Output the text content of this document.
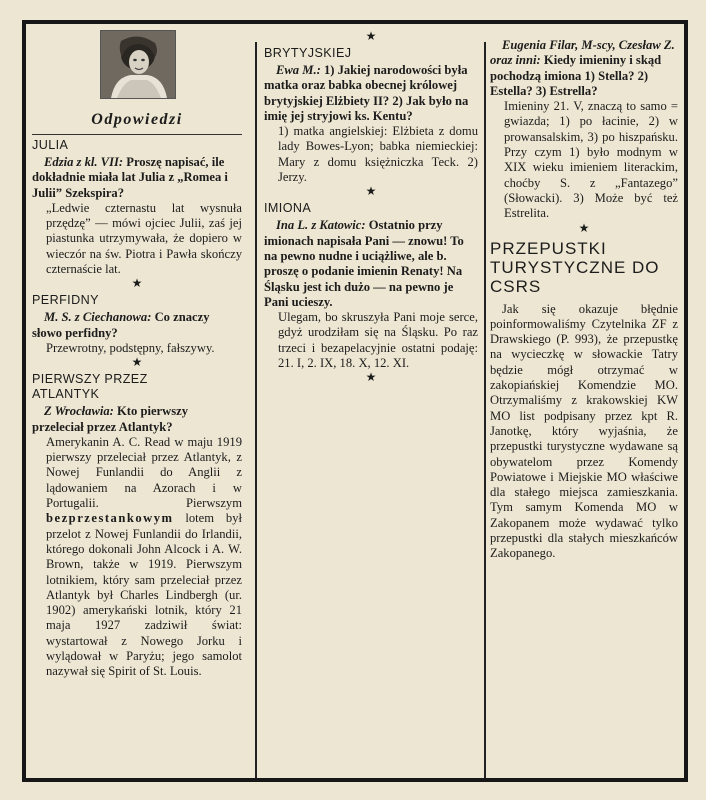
Odpowiedzi
JULIA

Edzia z kl. VII: Proszę napisać, ile dokładnie miała lat Julia z „Romea i Julii” Szekspira?

„Ledwie czternastu lat wysnuła przędzę” — mówi ojciec Julii, zaś jej piastunka utrzymywała, że dopiero w wieczór na św. Piotra i Pawła skończy czternaście lat.

★

PERFIDNY

M. S. z Ciechanowa: Co znaczy słowo perfidny?

Przewrotny, podstępny, fałszywy.

★

PIERWSZY PRZEZ ATLANTYK

Z Wrocławia: Kto pierwszy przeleciał przez Atlantyk?

Amerykanin A. C. Read w maju 1919 pierwszy przeleciał przez Atlantyk, z Nowej Funlandii do Anglii z lądowaniem na Azorach i w Portugalii. Pierwszym bezprzestankowym lotem był przelot z Nowej Funlandii do Irlandii, którego dokonali John Alcock i A. W. Brown, także w 1919. Pierwszym lotnikiem, który sam przeleciał przez Atlantyk był Charles Lindbergh (ur. 1902) amerykański lotnik, który 21 maja 1927 zadziwił świat: wystartował z Nowego Jorku i wylądował w Paryżu; jego samolot nazywał się Spirit of St. Louis.

★

BRYTYJSKIEJ

Ewa M.: 1) Jakiej narodowości była matka oraz babka obecnej królowej brytyjskiej Elżbiety II? 2) Jak było na imię jej stryjowi ks. Kentu?

1) matka angielskiej: Elżbieta z domu lady Bowes-Lyon; babka niemieckiej: Mary z domu księżniczka Teck. 2) Jerzy.

★

IMIONA

Ina L. z Katowic: Ostatnio przy imionach napisała Pani — znowu! To na pewno nudne i uciążliwe, ale b. proszę o podanie imienin Renaty! Na Śląsku jest ich dużo — na pewno je Pani ucieszy.

Ulegam, bo skruszyła Pani moje serce, gdyż urodziłam się na Śląsku. Po raz trzeci i bezapelacyjnie ostatni podaję: 21. I, 2. IX, 18. X, 12. XI.

★

Eugenia Filar, M-scy, Czesław Z. oraz inni: Kiedy imieniny i skąd pochodzą imiona 1) Stella? 2) Estella? 3) Estrella?

Imieniny 21. V, znaczą to samo = gwiazda; 1) po łacinie, 2) w prowansalskim, 3) po hiszpańsku. Przy czym 1) było modnym w XIX wieku imieniem literackim, choćby S. z „Fantazego” (Słowacki). 3) Może być też Estrelita.

★

PRZEPUSTKI TURYSTYCZNE DO CSRS

Jak się okazuje błędnie poinformowaliśmy Czytelnika ZF z Drawskiego (P. 993), że przepustkę na wycieczkę w słowackie Tatry będzie mógł otrzymać w zakopiańskiej Komendzie MO. Otrzymaliśmy z krakowskiej KW MO list podpisany przez kpt R. Janotkę, który wyjaśnia, że przepustki turystyczne wydawane są obywatelom przez Komendy Powiatowe i Miejskie MO właściwe dla stałego miejsca zamieszkania. Tym samym Komenda MO w Zakopanem może wydawać tylko przepustki dla stałych mieszkańców Zakopanego.
